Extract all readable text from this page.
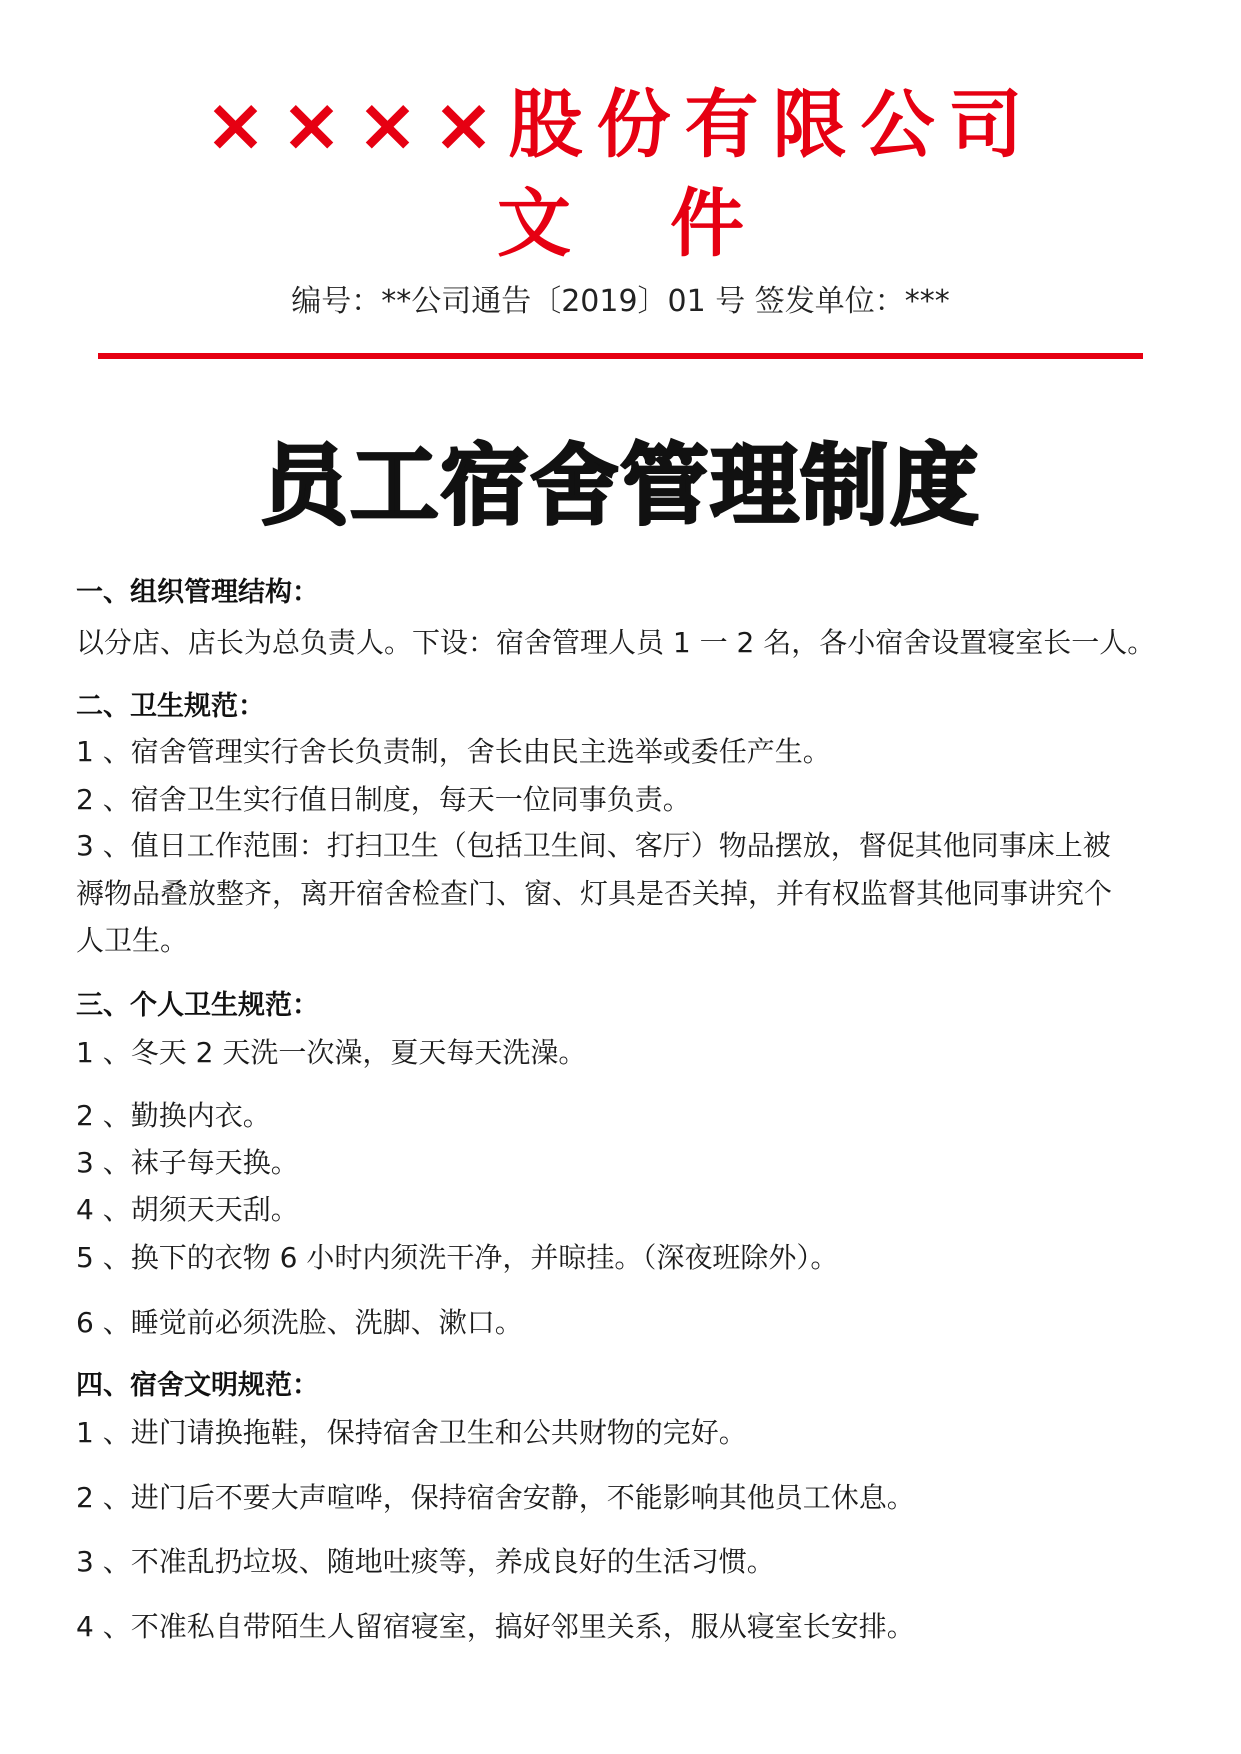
××××股份有限公司
文 件
编号：**公司通告〔2019〕01 号 签发单位：***
员工宿舍管理制度
一、组织管理结构：
以分店、店长为总负责人。下设：宿舍管理人员 1 一 2 名，各小宿舍设置寝室长一人。
二、卫生规范：
1 、宿舍管理实行舍长负责制，舍长由民主选举或委任产生。
2 、宿舍卫生实行值日制度，每天一位同事负责。
3 、值日工作范围：打扫卫生（包括卫生间、客厅）物品摆放，督促其他同事床上被
褥物品叠放整齐，离开宿舍检查门、窗、灯具是否关掉，并有权监督其他同事讲究个
人卫生。
三、个人卫生规范：
1 、冬天 2 天洗一次澡，夏天每天洗澡。
2 、勤换内衣。
3 、袜子每天换。
4 、胡须天天刮。
5 、换下的衣物 6 小时内须洗干净，并晾挂。（深夜班除外）。
6 、睡觉前必须洗脸、洗脚、漱口。
四、宿舍文明规范：
1 、进门请换拖鞋，保持宿舍卫生和公共财物的完好。
2 、进门后不要大声喧哗，保持宿舍安静，不能影响其他员工休息。
3 、不准乱扔垃圾、随地吐痰等，养成良好的生活习惯。
4 、不准私自带陌生人留宿寝室，搞好邻里关系，服从寝室长安排。
